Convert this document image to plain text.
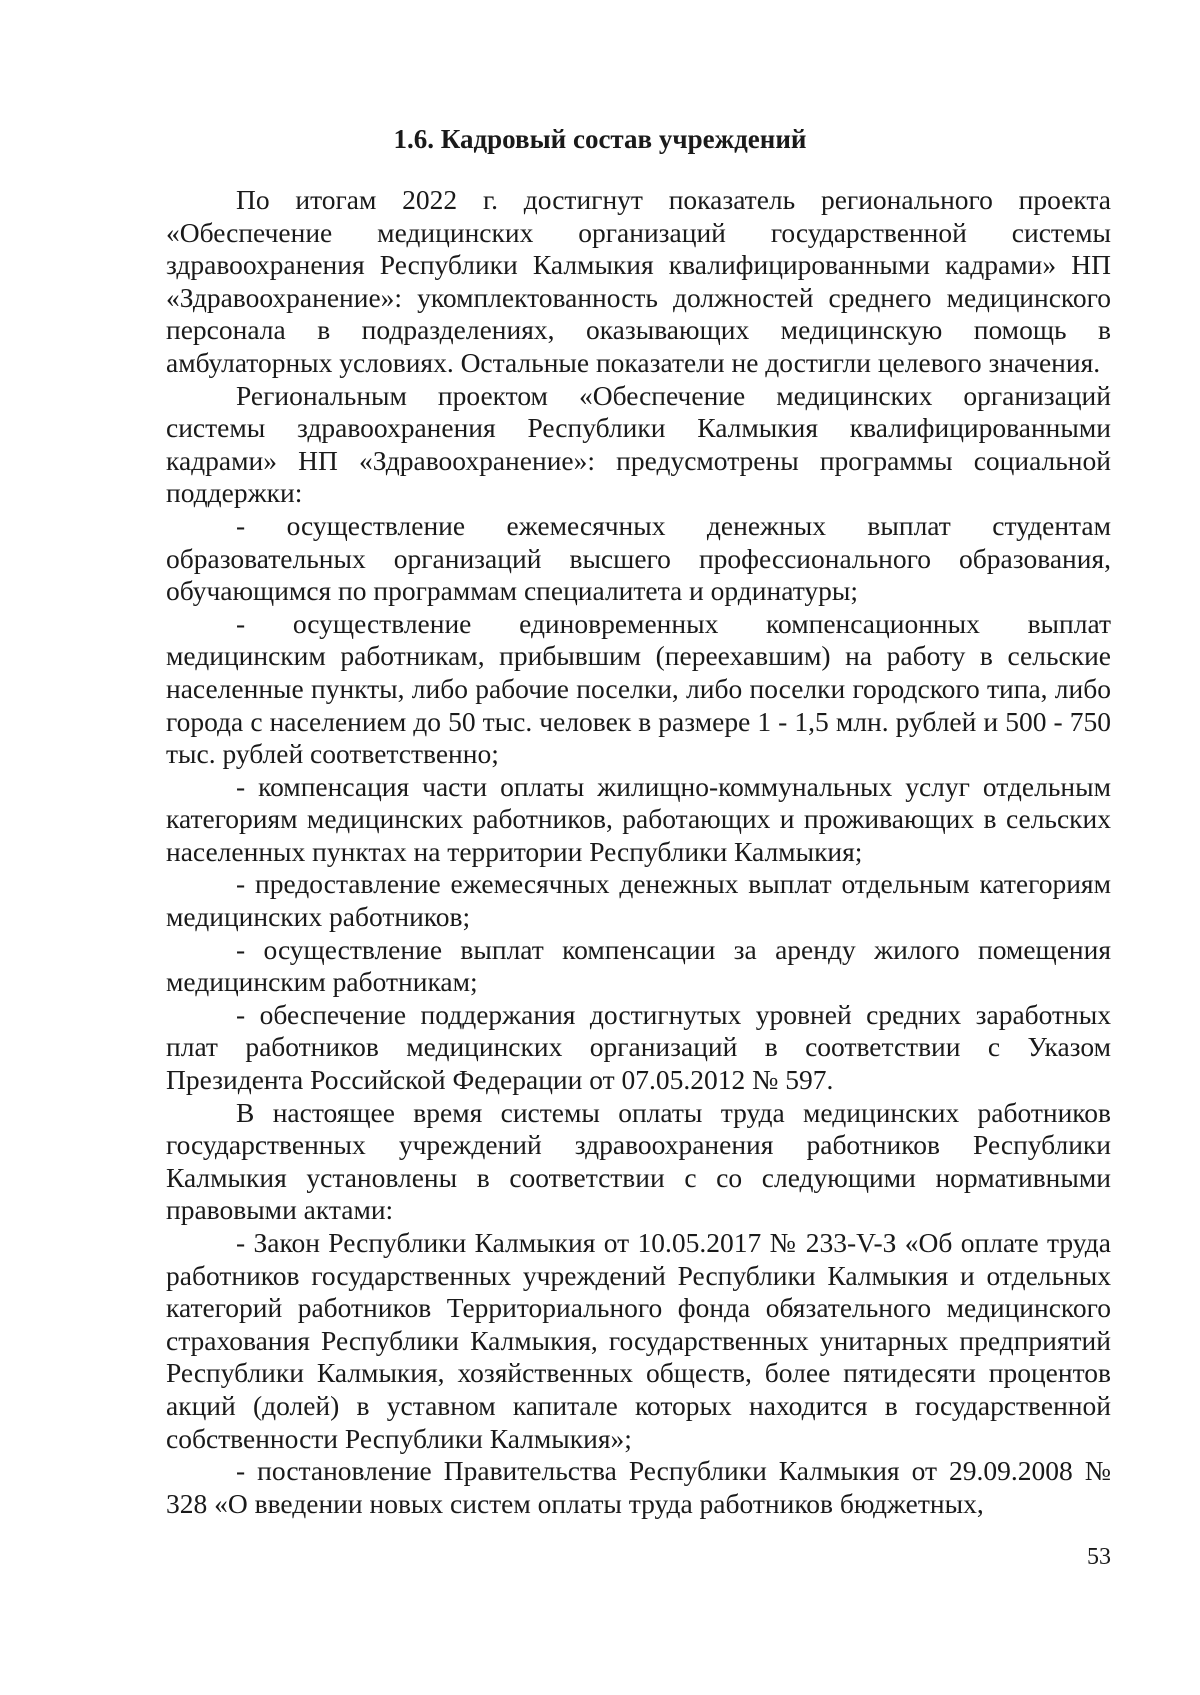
1.6. Кадровый состав учреждений

По итогам 2022 г. достигнут показатель регионального проекта «Обеспечение медицинских организаций государственной системы здравоохранения Республики Калмыкия квалифицированными кадрами» НП «Здравоохранение»: укомплектованность должностей среднего медицинского персонала в подразделениях, оказывающих медицинскую помощь в амбулаторных условиях. Остальные показатели не достигли целевого значения.

Региональным проектом «Обеспечение медицинских организаций системы здравоохранения Республики Калмыкия квалифицированными кадрами» НП «Здравоохранение»: предусмотрены программы социальной поддержки:

- осуществление ежемесячных денежных выплат студентам образовательных организаций высшего профессионального образования, обучающимся по программам специалитета и ординатуры;

- осуществление единовременных компенсационных выплат медицинским работникам, прибывшим (переехавшим) на работу в сельские населенные пункты, либо рабочие поселки, либо поселки городского типа, либо города с населением до 50 тыс. человек в размере 1 - 1,5 млн. рублей и 500 - 750 тыс. рублей соответственно;

- компенсация части оплаты жилищно-коммунальных услуг отдельным категориям медицинских работников, работающих и проживающих в сельских населенных пунктах на территории Республики Калмыкия;

- предоставление ежемесячных денежных выплат отдельным категориям медицинских работников;

- осуществление выплат компенсации за аренду жилого помещения медицинским работникам;

- обеспечение поддержания достигнутых уровней средних заработных плат работников медицинских организаций в соответствии с Указом Президента Российской Федерации от 07.05.2012 № 597.

В настоящее время системы оплаты труда медицинских работников государственных учреждений здравоохранения работников Республики Калмыкия установлены в соответствии с со следующими нормативными правовыми актами:

- Закон Республики Калмыкия от 10.05.2017 № 233-V-З «Об оплате труда работников государственных учреждений Республики Калмыкия и отдельных категорий работников Территориального фонда обязательного медицинского страхования Республики Калмыкия, государственных унитарных предприятий Республики Калмыкия, хозяйственных обществ, более пятидесяти процентов акций (долей) в уставном капитале которых находится в государственной собственности Республики Калмыкия»;

- постановление Правительства Республики Калмыкия от 29.09.2008 № 328 «О введении новых систем оплаты труда работников бюджетных,

53
